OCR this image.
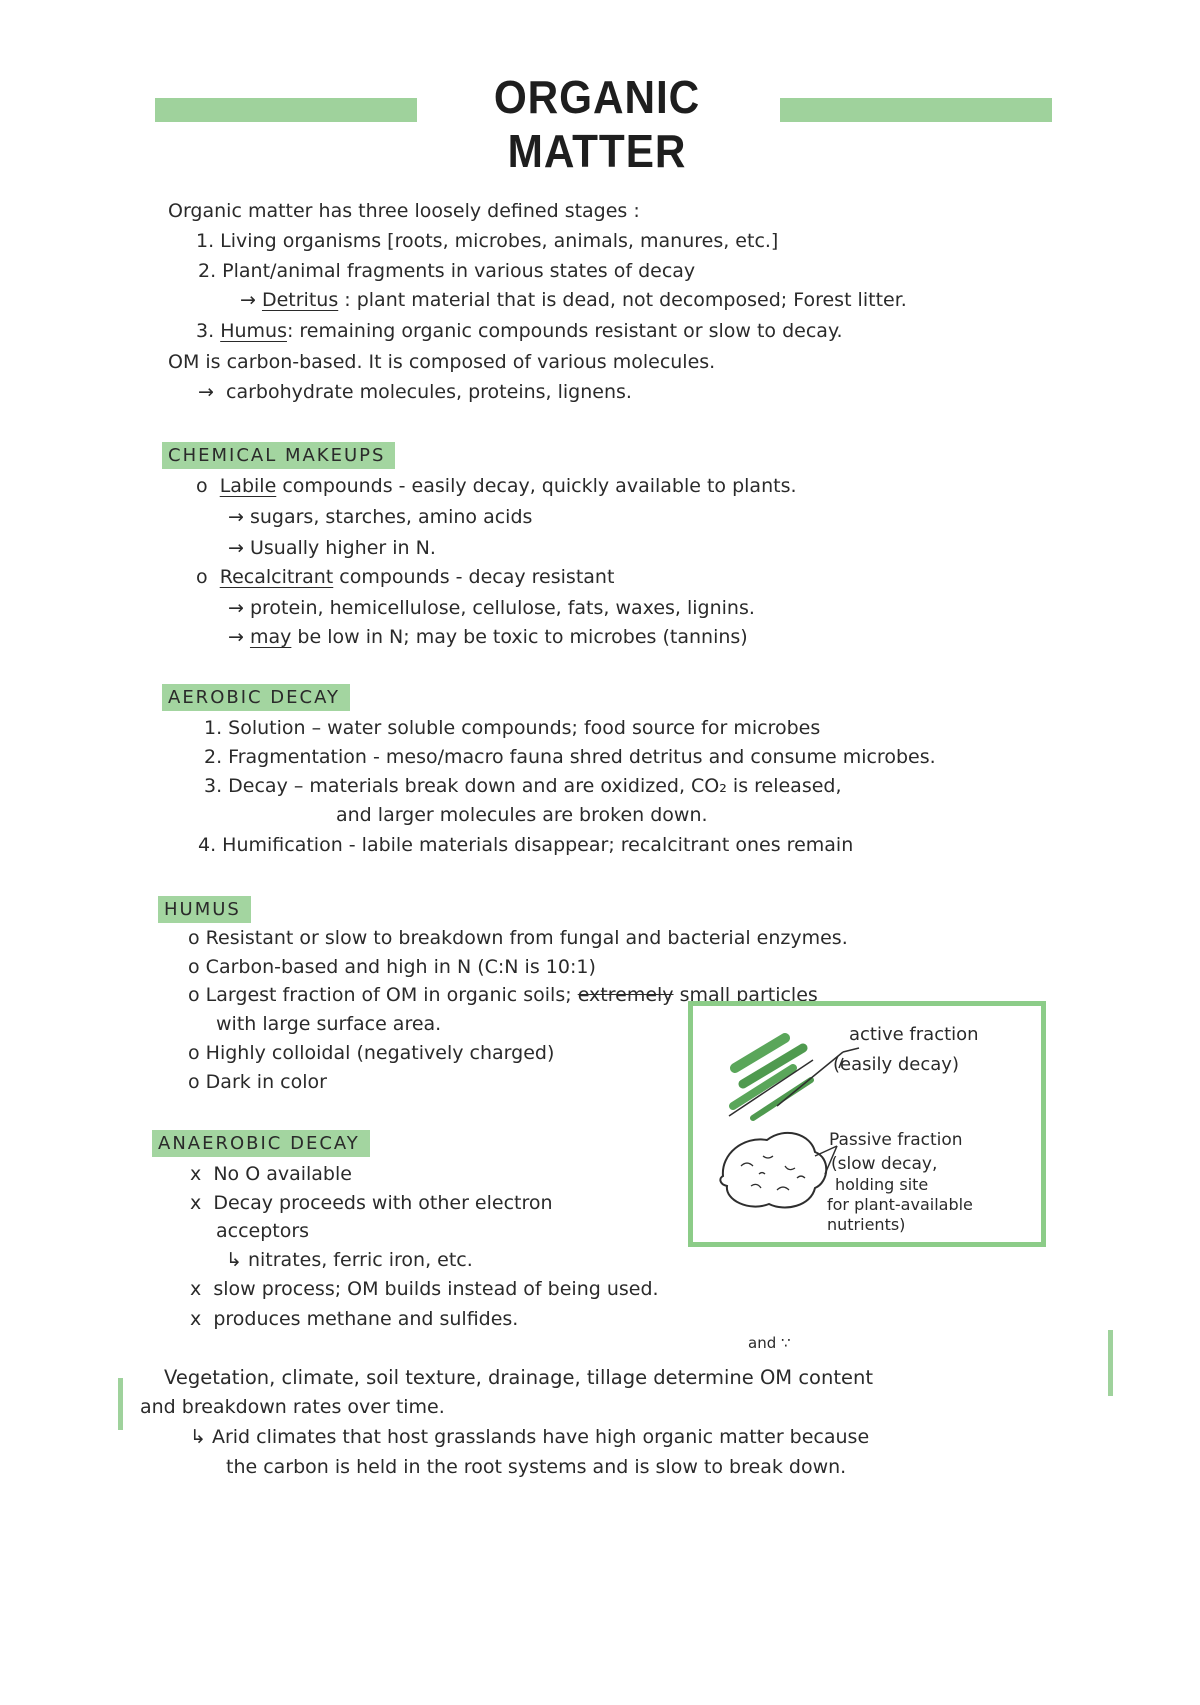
ORGANIC MATTER
Organic matter has three loosely defined stages :
1. Living organisms [roots, microbes, animals, manures, etc.]
2. Plant/animal fragments in various states of decay
→ Detritus : plant material that is dead, not decomposed; Forest litter.
3. Humus: remaining organic compounds resistant or slow to decay.
OM is carbon-based. It is composed of various molecules.
→  carbohydrate molecules, proteins, lignens.
CHEMICAL MAKEUPS
o  Labile compounds - easily decay, quickly available to plants.
→ sugars, starches, amino acids
→ Usually higher in N.
o  Recalcitrant compounds - decay resistant
→ protein, hemicellulose, cellulose, fats, waxes, lignins.
→ may be low in N; may be toxic to microbes (tannins)
AEROBIC DECAY
1. Solution – water soluble compounds; food source for microbes
2. Fragmentation - meso/macro fauna shred detritus and consume microbes.
3. Decay – materials break down and are oxidized, CO₂ is released,
and larger molecules are broken down.
4. Humification - labile materials disappear; recalcitrant ones remain
HUMUS
o Resistant or slow to breakdown from fungal and bacterial enzymes.
o Carbon-based and high in N (C:N is 10:1)
o Largest fraction of OM in organic soils; extremely small particles
with large surface area.
o Highly colloidal (negatively charged)
o Dark in color
active fraction
(easily decay)
Passive fraction
(slow decay,
holding site
for plant-available
nutrients)
ANAEROBIC DECAY
x  No O available
x  Decay proceeds with other electron
acceptors
↳ nitrates, ferric iron, etc.
x  slow process; OM builds instead of being used.
x  produces methane and sulfides.
and ∵
Vegetation, climate, soil texture, drainage, tillage determine OM content
and breakdown rates over time.
↳ Arid climates that host grasslands have high organic matter because
the carbon is held in the root systems and is slow to break down.
